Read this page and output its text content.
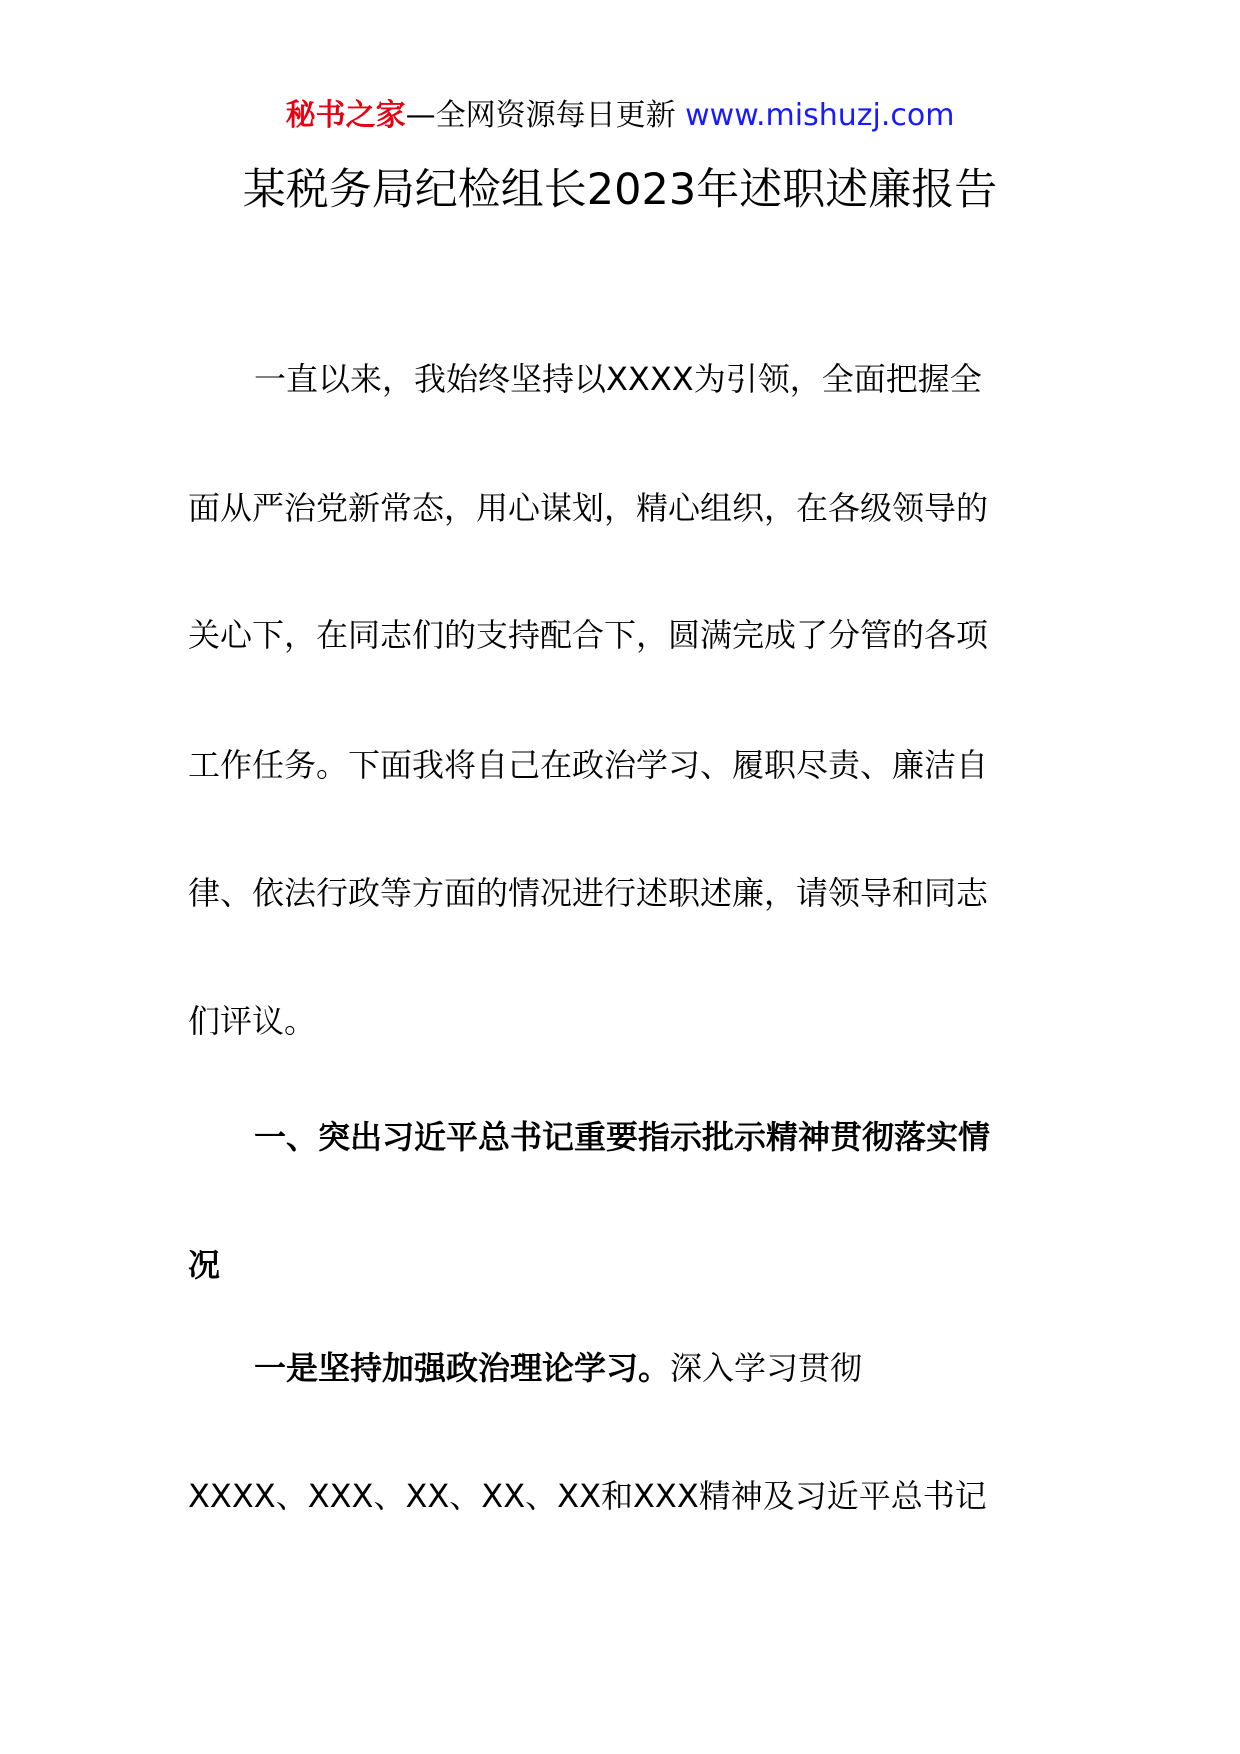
秘书之家—全网资源每日更新 www.mishuzj.com
某税务局纪检组长2023年述职述廉报告
一直以来，我始终坚持以XXXX为引领，全面把握全
面从严治党新常态，用心谋划，精心组织，在各级领导的
关心下，在同志们的支持配合下，圆满完成了分管的各项
工作任务。下面我将自己在政治学习、履职尽责、廉洁自
律、依法行政等方面的情况进行述职述廉，请领导和同志
们评议。
一、突出习近平总书记重要指示批示精神贯彻落实情
况
一是坚持加强政治理论学习。深入学习贯彻
XXXX、XXX、XX、XX、XX和XXX精神及习近平总书记
